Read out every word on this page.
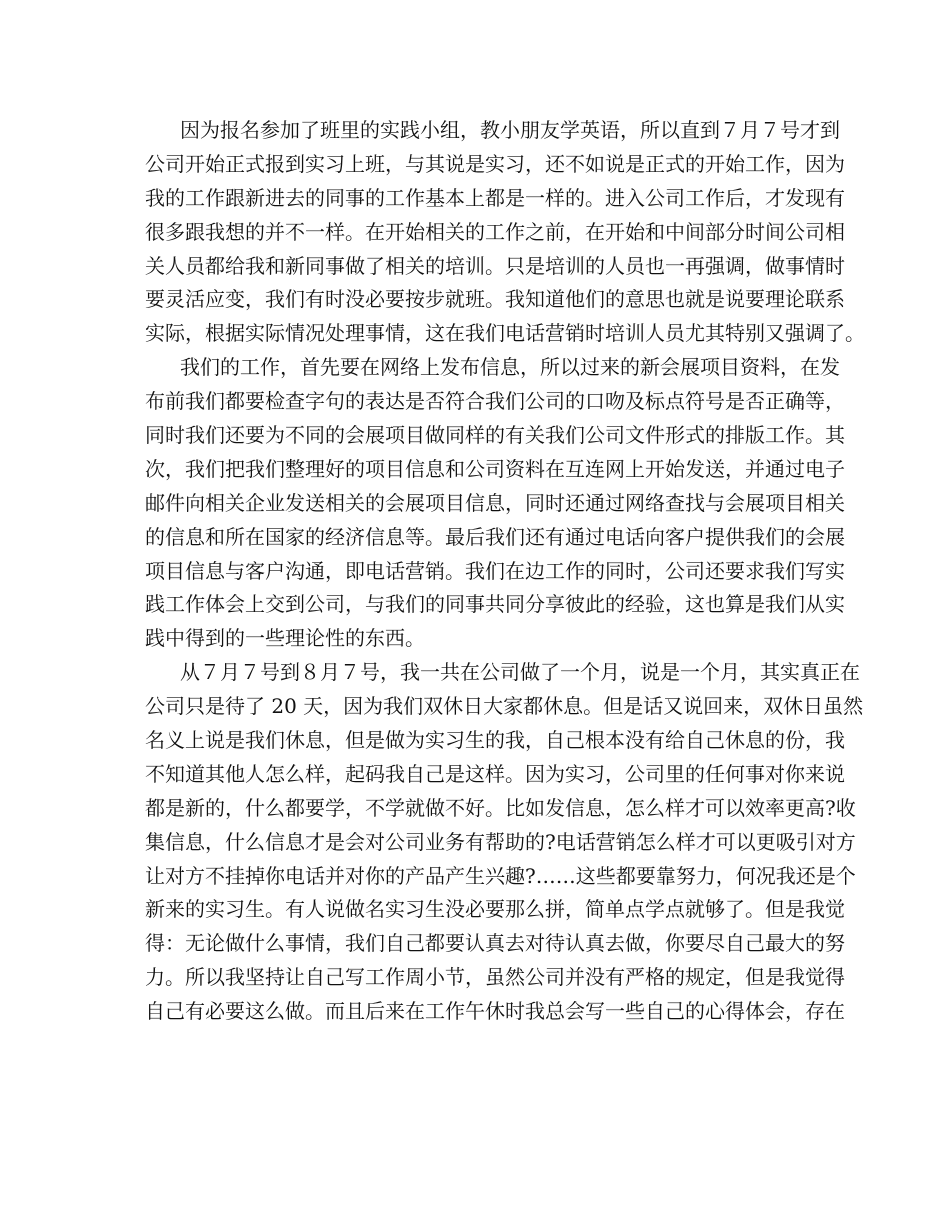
因为报名参加了班里的实践小组，教小朋友学英语，所以直到７月７号才到
公司开始正式报到实习上班，与其说是实习，还不如说是正式的开始工作，因为
我的工作跟新进去的同事的工作基本上都是一样的。进入公司工作后，才发现有
很多跟我想的并不一样。在开始相关的工作之前，在开始和中间部分时间公司相
关人员都给我和新同事做了相关的培训。只是培训的人员也一再强调，做事情时
要灵活应变，我们有时没必要按步就班。我知道他们的意思也就是说要理论联系
实际，根据实际情况处理事情，这在我们电话营销时培训人员尤其特别又强调了。
我们的工作，首先要在网络上发布信息，所以过来的新会展项目资料，在发
布前我们都要检查字句的表达是否符合我们公司的口吻及标点符号是否正确等，
同时我们还要为不同的会展项目做同样的有关我们公司文件形式的排版工作。其
次，我们把我们整理好的项目信息和公司资料在互连网上开始发送，并通过电子
邮件向相关企业发送相关的会展项目信息，同时还通过网络查找与会展项目相关
的信息和所在国家的经济信息等。最后我们还有通过电话向客户提供我们的会展
项目信息与客户沟通，即电话营销。我们在边工作的同时，公司还要求我们写实
践工作体会上交到公司，与我们的同事共同分享彼此的经验，这也算是我们从实
践中得到的一些理论性的东西。
从７月７号到８月７号，我一共在公司做了一个月，说是一个月，其实真正在
公司只是待了 20 天，因为我们双休日大家都休息。但是话又说回来，双休日虽然
名义上说是我们休息，但是做为实习生的我，自己根本没有给自己休息的份，我
不知道其他人怎么样，起码我自己是这样。因为实习，公司里的任何事对你来说
都是新的，什么都要学，不学就做不好。比如发信息，怎么样才可以效率更高?收
集信息，什么信息才是会对公司业务有帮助的?电话营销怎么样才可以更吸引对方
让对方不挂掉你电话并对你的产品产生兴趣?……这些都要靠努力，何况我还是个
新来的实习生。有人说做名实习生没必要那么拼，简单点学点就够了。但是我觉
得：无论做什么事情，我们自己都要认真去对待认真去做，你要尽自己最大的努
力。所以我坚持让自己写工作周小节，虽然公司并没有严格的规定，但是我觉得
自己有必要这么做。而且后来在工作午休时我总会写一些自己的心得体会，存在
